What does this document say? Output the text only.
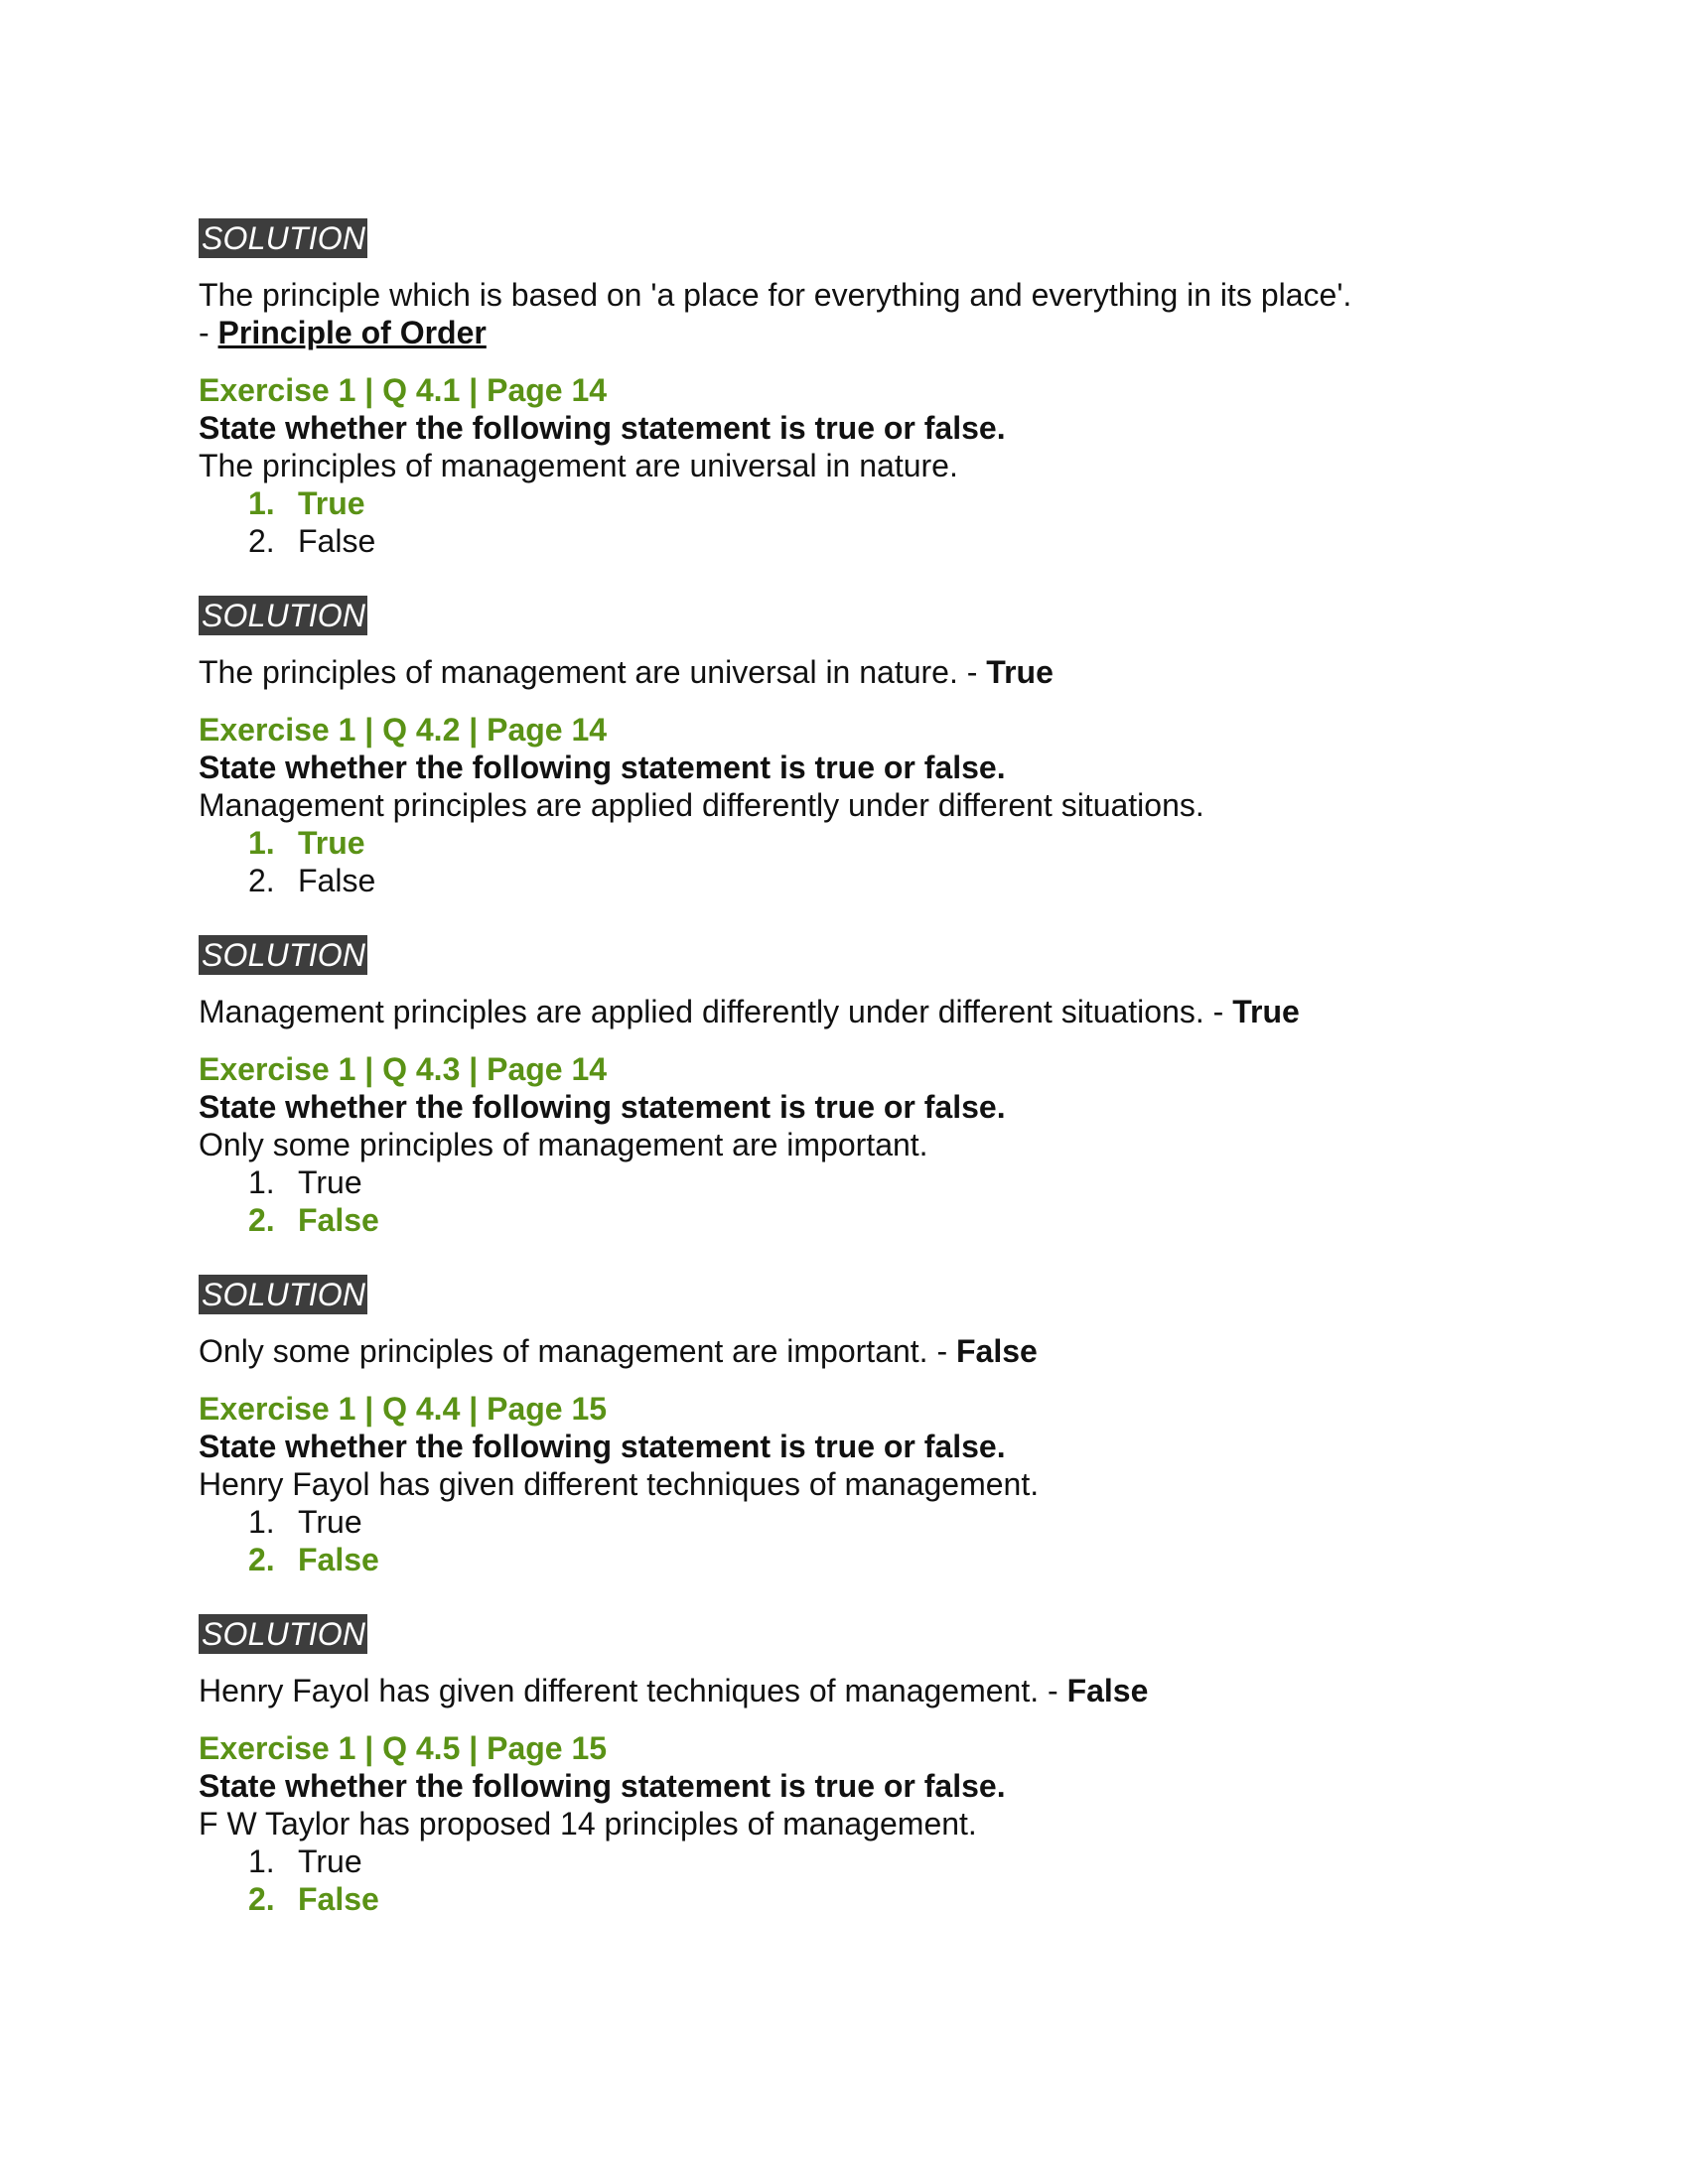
SOLUTION

The principle which is based on 'a place for everything and everything in its place'.

- Principle of Order

Exercise 1 | Q 4.1 | Page 14

State whether the following statement is true or false.

The principles of management are universal in nature.

1. True
2. False
SOLUTION

The principles of management are universal in nature. - True

Exercise 1 | Q 4.2 | Page 14

State whether the following statement is true or false.

Management principles are applied differently under different situations.

1. True
2. False
SOLUTION

Management principles are applied differently under different situations. - True

Exercise 1 | Q 4.3 | Page 14

State whether the following statement is true or false.

Only some principles of management are important.

1. True
2. False
SOLUTION

Only some principles of management are important. - False

Exercise 1 | Q 4.4 | Page 15

State whether the following statement is true or false.

Henry Fayol has given different techniques of management.

1. True
2. False
SOLUTION

Henry Fayol has given different techniques of management. - False

Exercise 1 | Q 4.5 | Page 15

State whether the following statement is true or false.

F W Taylor has proposed 14 principles of management.

1. True
2. False
